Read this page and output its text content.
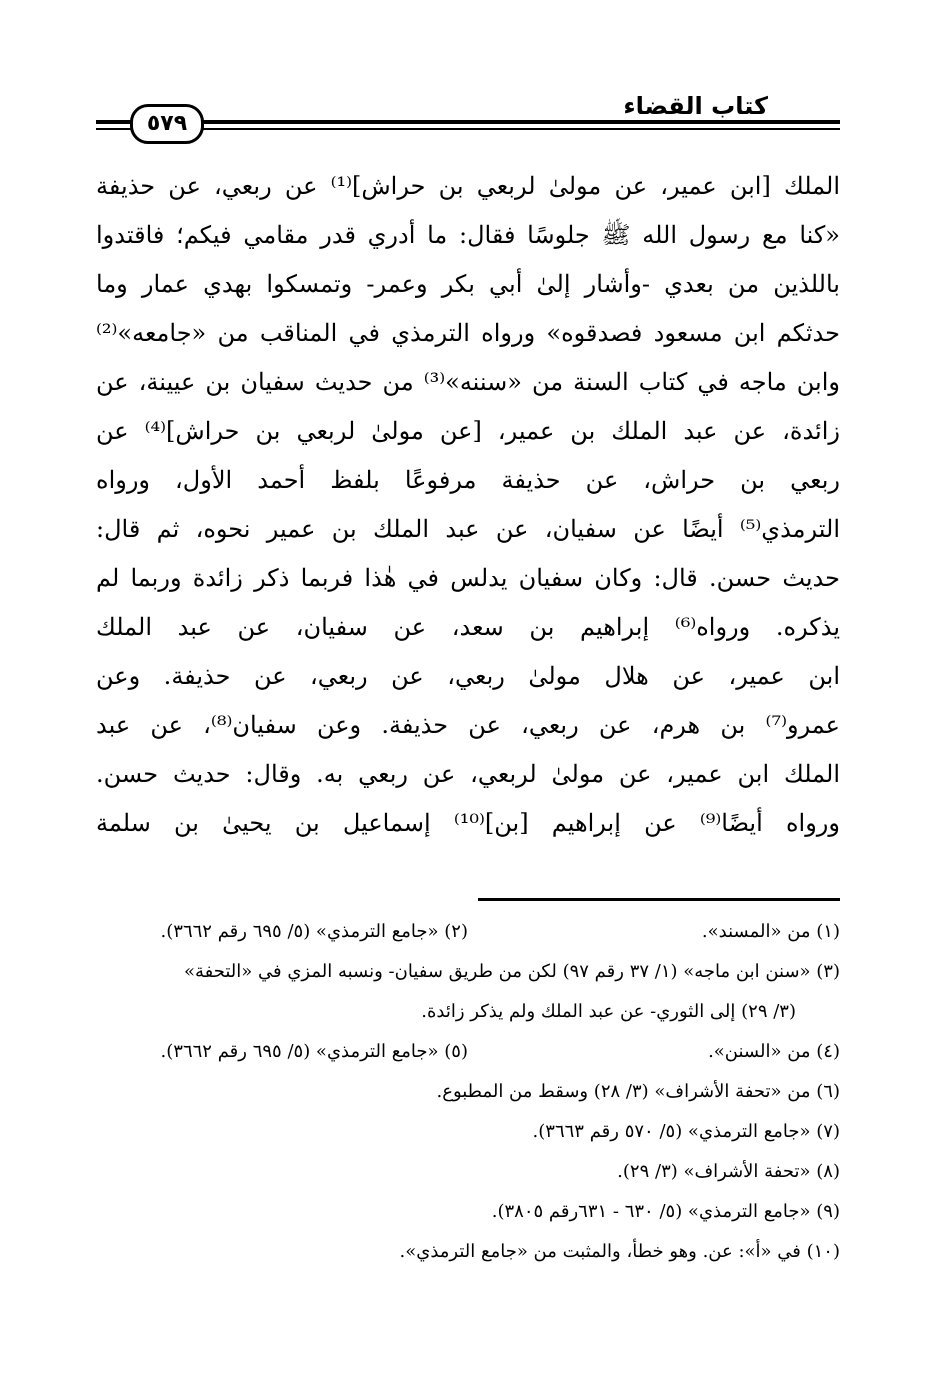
كتاب القضاء
٥٧٩
الملك [ابن عمير، عن مولىٰ لربعي بن حراش]⁽¹⁾ عن ربعي، عن حذيفة
«كنا مع رسول الله ﷺ جلوسًا فقال: ما أدري قدر مقامي فيكم؛ فاقتدوا
باللذين من بعدي -وأشار إلىٰ أبي بكر وعمر- وتمسكوا بهدي عمار وما
حدثكم ابن مسعود فصدقوه» ورواه الترمذي في المناقب من «جامعه»⁽²⁾
وابن ماجه في كتاب السنة من «سننه»⁽³⁾ من حديث سفيان بن عيينة، عن
زائدة، عن عبد الملك بن عمير، [عن مولىٰ لربعي بن حراش]⁽⁴⁾ عن
ربعي بن حراش، عن حذيفة مرفوعًا بلفظ أحمد الأول، ورواه
الترمذي⁽⁵⁾ أيضًا عن سفيان، عن عبد الملك بن عمير نحوه، ثم قال:
حديث حسن. قال: وكان سفيان يدلس في هٰذا فربما ذكر زائدة وربما لم
يذكره. ورواه⁽⁶⁾ إبراهيم بن سعد، عن سفيان، عن عبد الملك
ابن عمير، عن هلال مولىٰ ربعي، عن ربعي، عن حذيفة. وعن
عمرو⁽⁷⁾ بن هرم، عن ربعي، عن حذيفة. وعن سفيان⁽⁸⁾، عن عبد
الملك ابن عمير، عن مولىٰ لربعي، عن ربعي به. وقال: حديث حسن.
ورواه أيضًا⁽⁹⁾ عن إبراهيم [بن]⁽¹⁰⁾ إسماعيل بن يحيىٰ بن سلمة
(١) من «المسند».
(٢) «جامع الترمذي» (٥/ ٦٩٥ رقم ٣٦٦٢).
(٣) «سنن ابن ماجه» (١/ ٣٧ رقم ٩٧) لكن من طريق سفيان- ونسبه المزي في «التحفة»
(٣/ ٢٩) إلى الثوري- عن عبد الملك ولم يذكر زائدة.
(٤) من «السنن».
(٥) «جامع الترمذي» (٥/ ٦٩٥ رقم ٣٦٦٢).
(٦) من «تحفة الأشراف» (٣/ ٢٨) وسقط من المطبوع.
(٧) «جامع الترمذي» (٥/ ٥٧٠ رقم ٣٦٦٣).
(٨) «تحفة الأشراف» (٣/ ٢٩).
(٩) «جامع الترمذي» (٥/ ٦٣٠ - ٦٣١رقم ٣٨٠٥).
(١٠) في «أ»: عن. وهو خطأ، والمثبت من «جامع الترمذي».
